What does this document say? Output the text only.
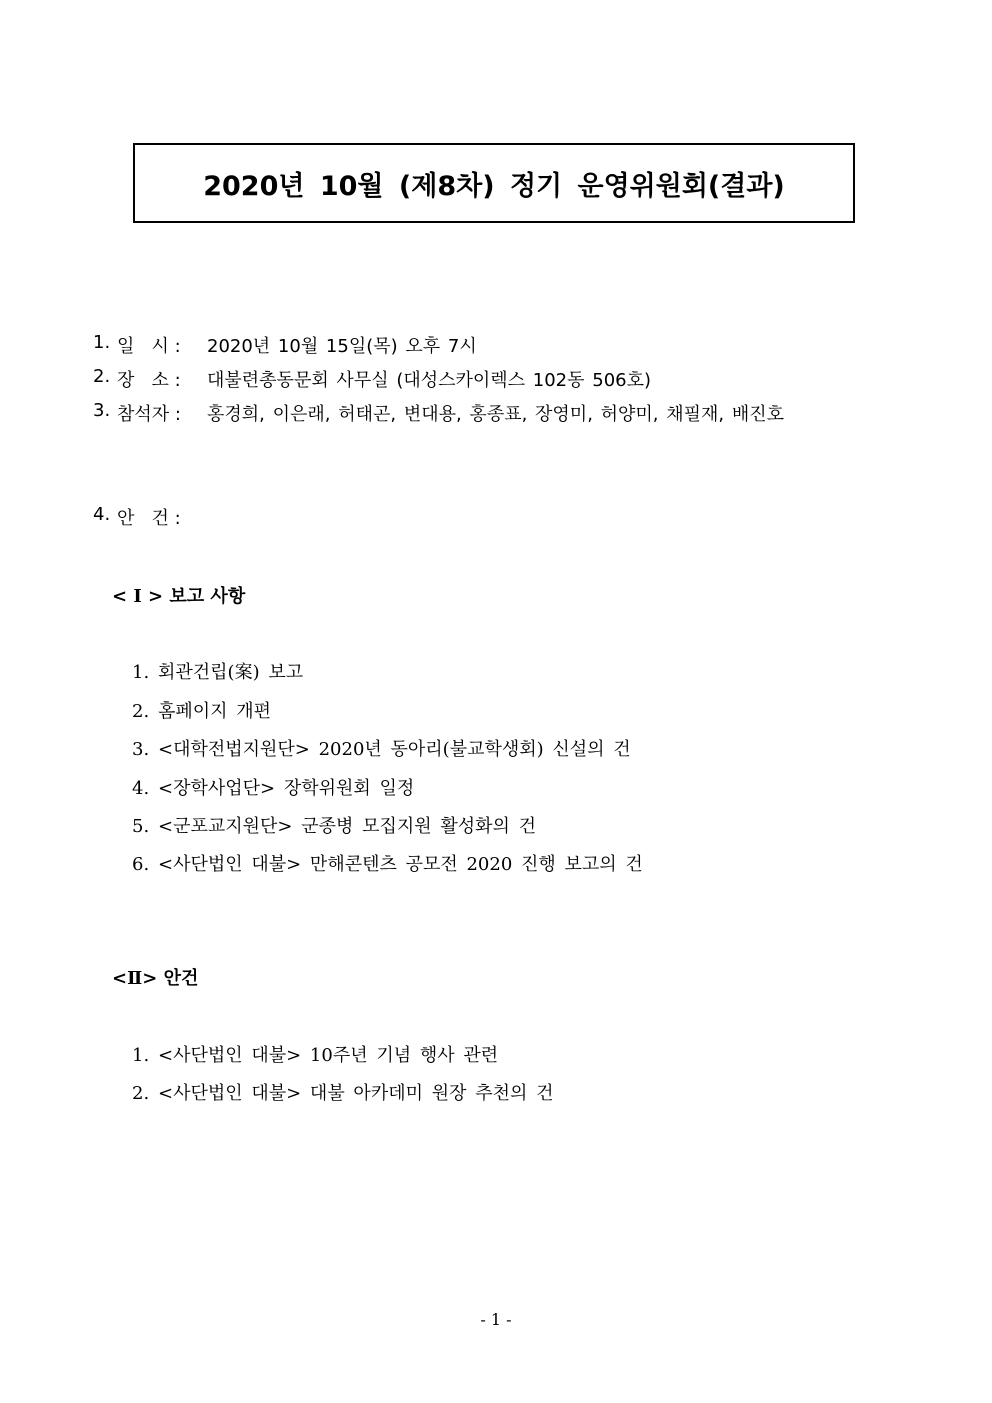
2020년 10월 (제8차) 정기 운영위원회(결과)
1. 일   시 :	2020년 10월 15일(목) 오후 7시
2. 장   소 :	대불련총동문회 사무실 (대성스카이렉스 102동 506호)
3. 참석자 :	홍경희, 이은래, 허태곤, 변대용, 홍종표, 장영미, 허양미, 채필재, 배진호
4. 안   건 :
< I > 보고 사항
1. 회관건립(案) 보고
2. 홈페이지 개편
3. <대학전법지원단> 2020년 동아리(불교학생회) 신설의 건
4. <장학사업단> 장학위원회 일정
5. <군포교지원단> 군종병 모집지원 활성화의 건
6. <사단법인 대불> 만해콘텐츠 공모전 2020 진행 보고의 건
<Ⅱ> 안건
1. <사단법인 대불> 10주년 기념 행사 관련
2. <사단법인 대불> 대불 아카데미 원장 추천의 건
- 1 -
